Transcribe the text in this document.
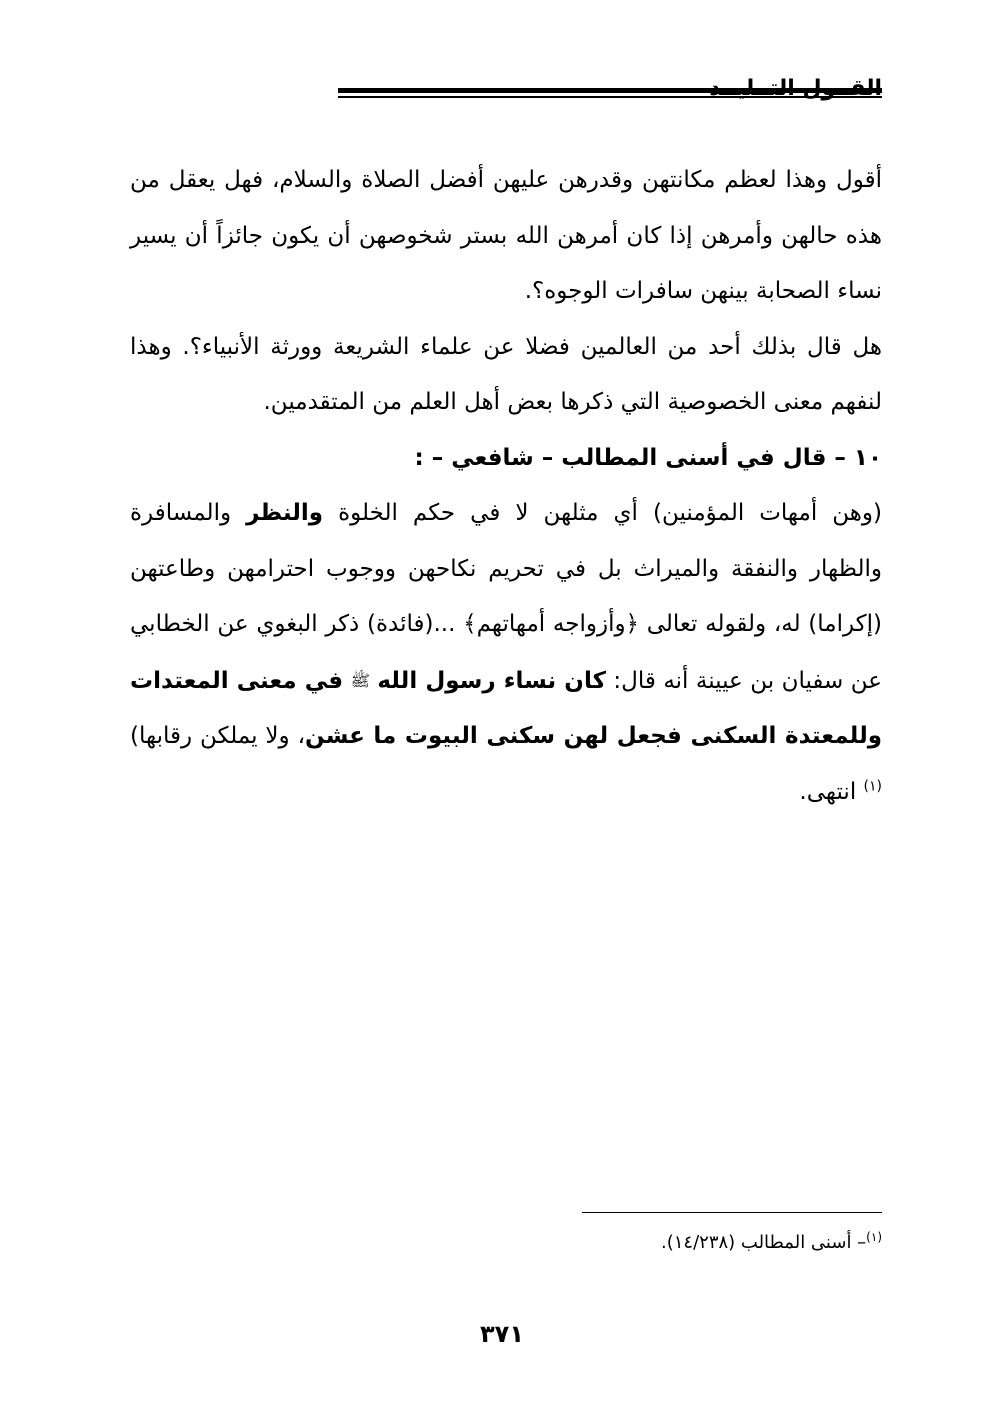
أقول وهذا لعظم مكانتهن وقدرهن عليهن أفضل الصلاة والسلام، فهل يعقل من هذه حالهن وأمرهن إذا كان أمرهن الله بستر شخوصهن أن يكون جائزاً أن يسير نساء الصحابة بينهن سافرات الوجوه؟.

هل قال بذلك أحد من العالمين فضلا عن علماء الشريعة وورثة الأنبياء؟. وهذا لنفهم معنى الخصوصية التي ذكرها بعض أهل العلم من المتقدمين.

١٠ – قال في أسنى المطالب – شافعي – :

(وهن أمهات المؤمنين) أي مثلهن لا في حكم الخلوة والنظر والمسافرة والظهار والنفقة والميراث بل في تحريم نكاحهن ووجوب احترامهن وطاعتهن (إكراما) له، ولقوله تعالى ﴿وأزواجه أمهاتهم﴾ ...(فائدة) ذكر البغوي عن الخطابي عن سفيان بن عيينة أنه قال: كان نساء رسول الله ﷺ في معنى المعتدات وللمعتدة السكنى فجعل لهن سكنى البيوت ما عشن، ولا يملكن رقابها)$^{(١)}$ انتهى.

$^{(١)}$– أسنى المطالب (١٤/٢٣٨).
٣٧١
